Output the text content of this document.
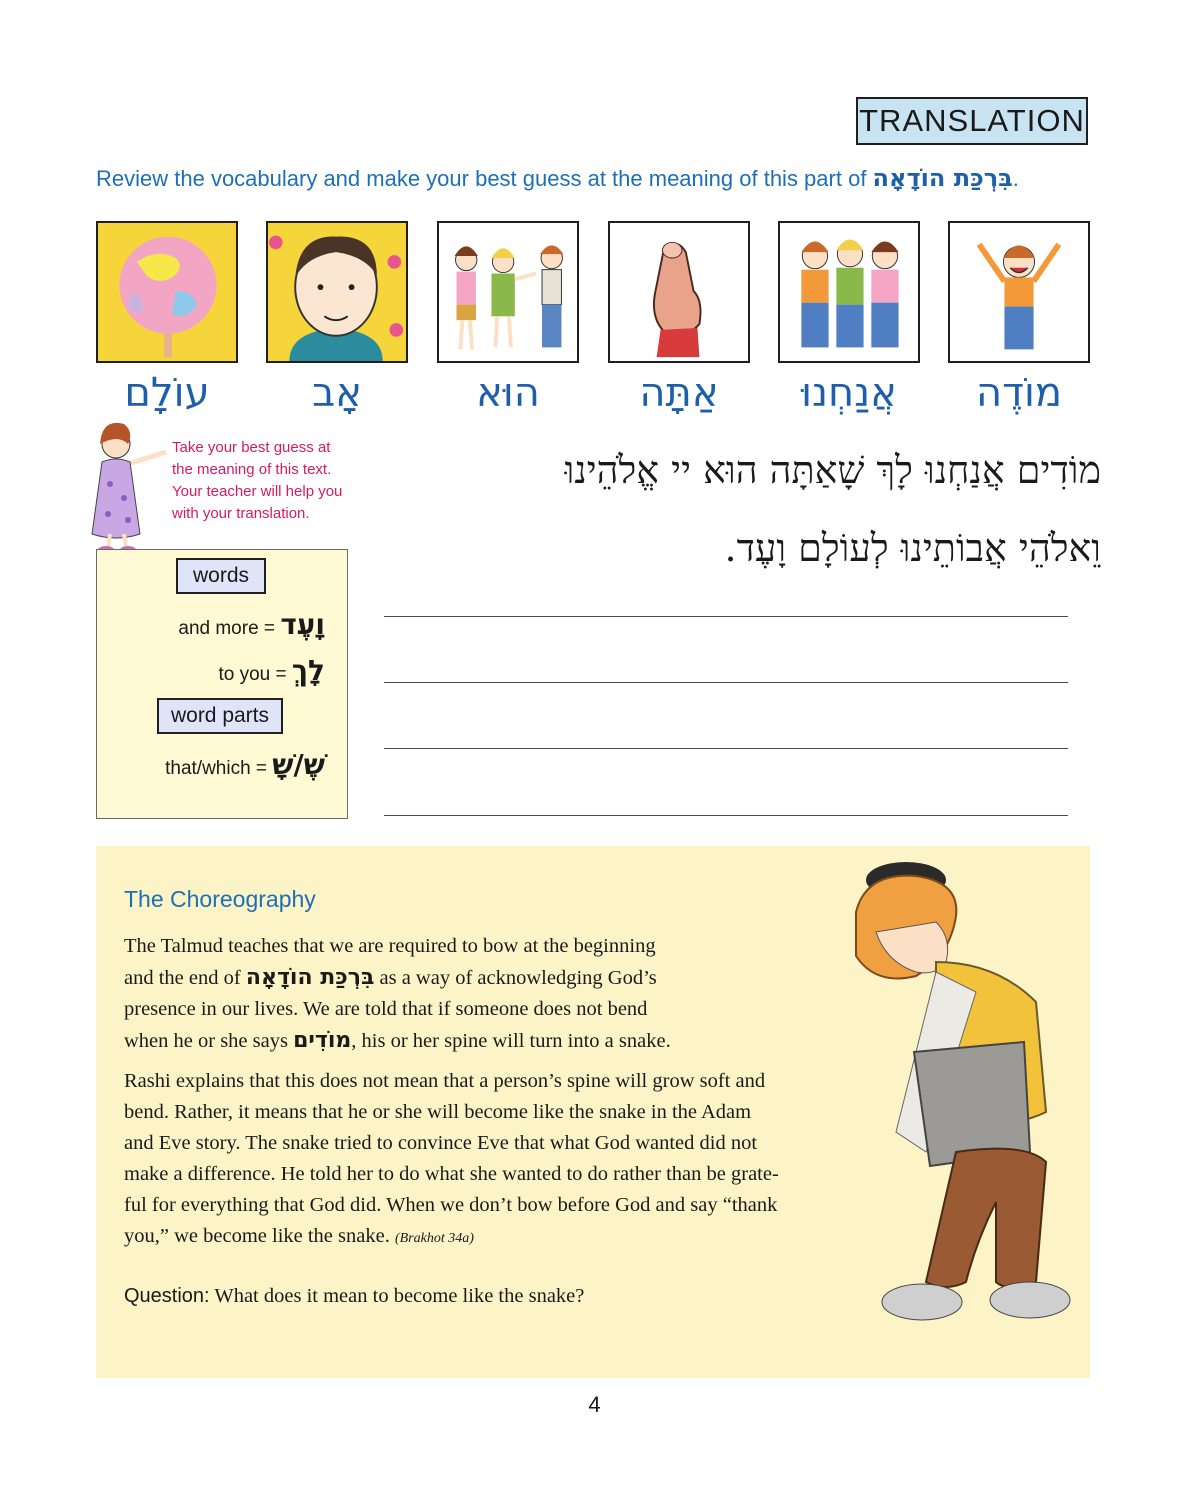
TRANSLATION
Review the vocabulary and make your best guess at the meaning of this part of בִּרְכַּת הוֹדָאָה.
עוֹלָם	אָב	הוּא	אַתָּה	אֲנַחְנוּ	מוֹדֶה
Take your best guess at
the meaning of this text.
Your teacher will help you
with your translation.
מוֹדִים אֲנַחְנוּ לָךְ שָׁאַתָּה הוּא יי אֱלֹהֵינוּ
וֵאלֹהֵי אֲבוֹתֵינוּ לְעוֹלָם וָעֶד.
words
and more = וָעֶד
to you = לָךְ
word parts
that/which = שֶׁ/שָׁ
The Choreography
The Talmud teaches that we are required to bow at the beginning
and the end of בִּרְכַּת הוֹדָאָה as a way of acknowledging God’s
presence in our lives. We are told that if someone does not bend
when he or she says מוֹדִים, his or her spine will turn into a snake.
Rashi explains that this does not mean that a person’s spine will grow soft and
bend. Rather, it means that he or she will become like the snake in the Adam
and Eve story. The snake tried to convince Eve that what God wanted did not
make a difference. He told her to do what she wanted to do rather than be grate-
ful for everything that God did. When we don’t bow before God and say “thank
you,” we become like the snake. (Brakhot 34a)
Question: What does it mean to become like the snake?
4
